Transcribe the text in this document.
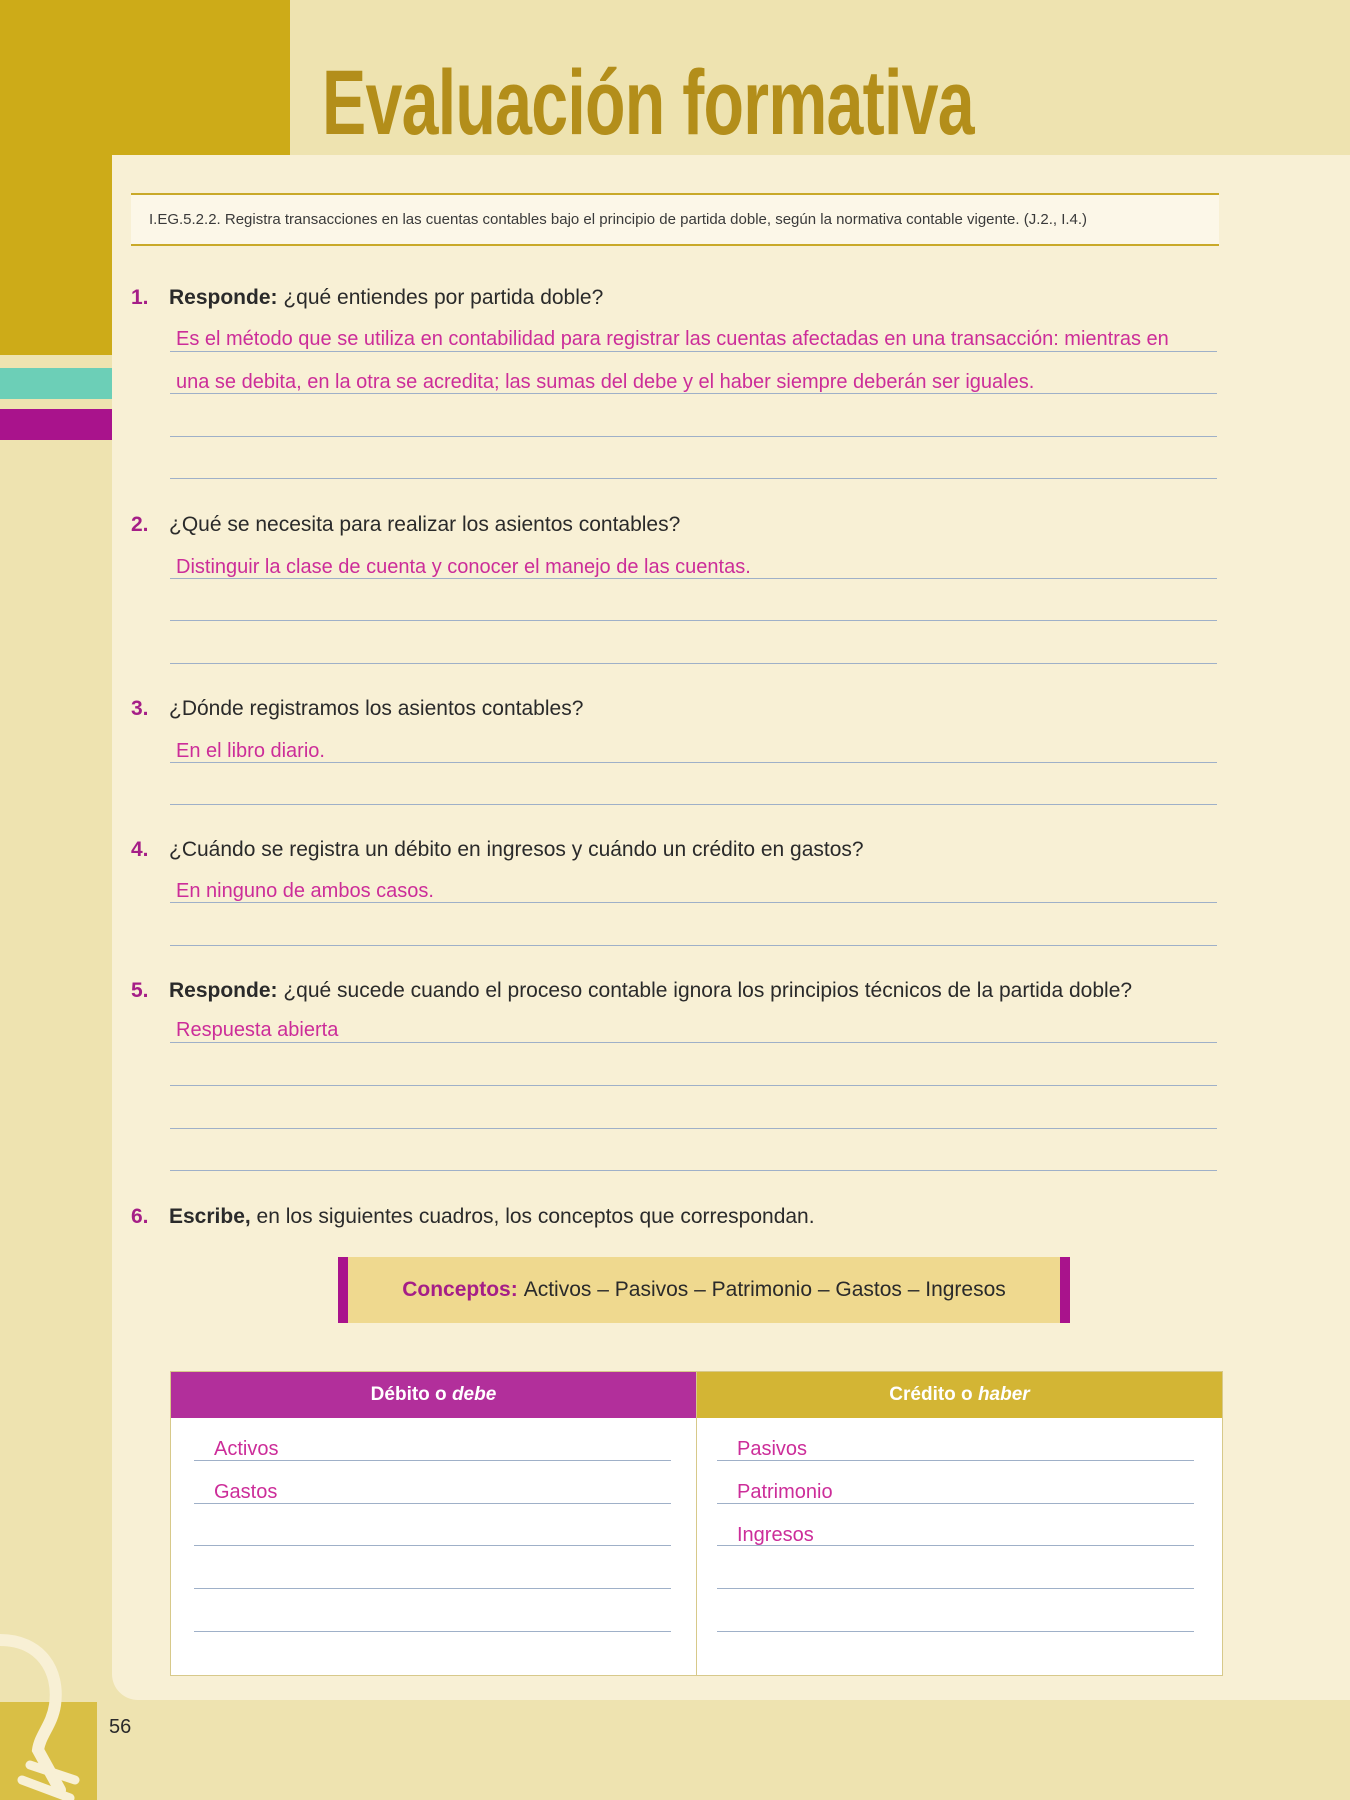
Evaluación formativa
I.EG.5.2.2. Registra transacciones en las cuentas contables bajo el principio de partida doble, según la normativa contable vigente. (J.2., I.4.)
1. Responde: ¿qué entiendes por partida doble?
Es el método que se utiliza en contabilidad para registrar las cuentas afectadas en una transacción: mientras en
una se debita, en la otra se acredita; las sumas del debe y el haber siempre deberán ser iguales.
2. ¿Qué se necesita para realizar los asientos contables?
Distinguir la clase de cuenta y conocer el manejo de las cuentas.
3. ¿Dónde registramos los asientos contables?
En el libro diario.
4. ¿Cuándo se registra un débito en ingresos y cuándo un crédito en gastos?
En ninguno de ambos casos.
5. Responde: ¿qué sucede cuando el proceso contable ignora los principios técnicos de la partida doble?
Respuesta abierta
6. Escribe, en los siguientes cuadros, los conceptos que correspondan.
Conceptos: Activos – Pasivos – Patrimonio – Gastos – Ingresos
Débito o debe
Activos
Gastos
Crédito o haber
Pasivos
Patrimonio
Ingresos
56
